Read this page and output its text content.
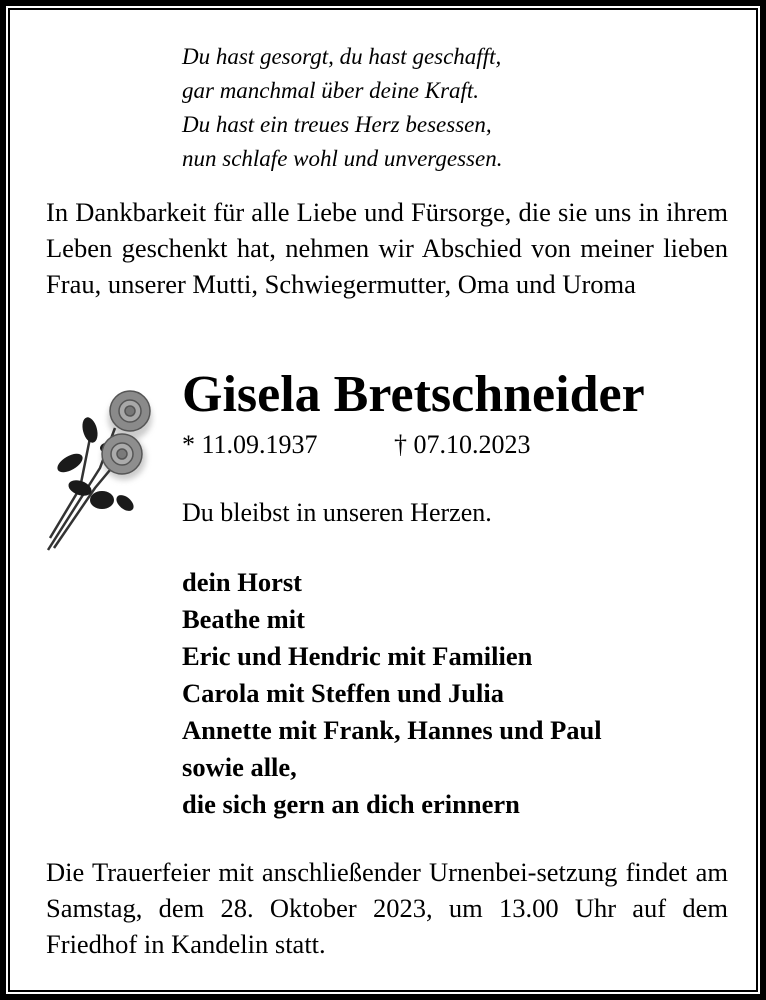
Du hast gesorgt, du hast geschafft,
gar manchmal über deine Kraft.
Du hast ein treues Herz besessen,
nun schlafe wohl und unvergessen.
In Dankbarkeit für alle Liebe und Fürsorge, die sie uns in ihrem Leben geschenkt hat, nehmen wir Abschied von meiner lieben Frau, unserer Mutti, Schwiegermutter, Oma und Uroma
Gisela Bretschneider
* 11.09.1937	† 07.10.2023
Du bleibst in unseren Herzen.
dein Horst
Beathe mit
Eric und Hendric mit Familien
Carola mit Steffen und Julia
Annette mit Frank, Hannes und Paul
sowie alle,
die sich gern an dich erinnern
Die Trauerfeier mit anschließender Urnenbei-setzung findet am Samstag, dem 28. Oktober 2023, um 13.00 Uhr auf dem Friedhof in Kandelin statt.
